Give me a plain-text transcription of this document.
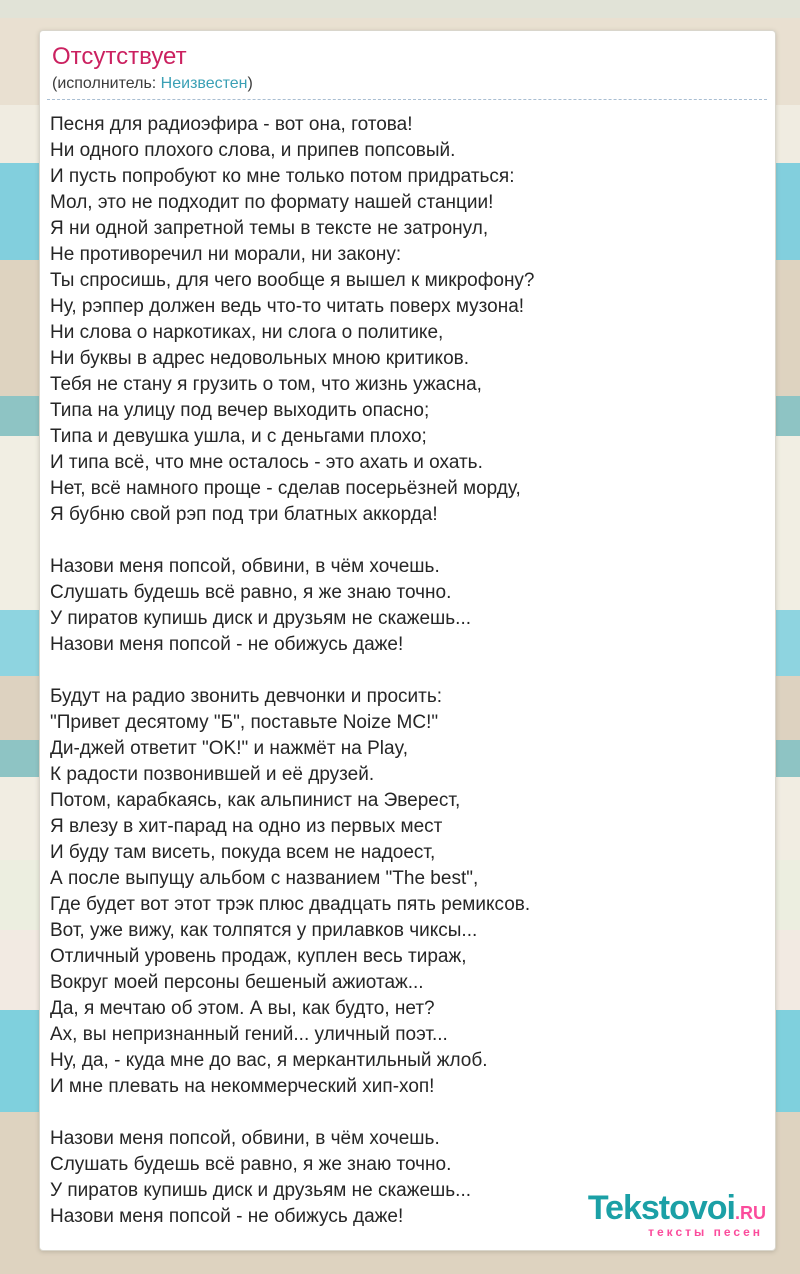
Отсутствует
(исполнитель: Неизвестен)
Песня для радиоэфира - вот она, готова!
Ни одного плохого слова, и припев попсовый.
И пусть попробуют ко мне только потом придраться:
Мол, это не подходит по формату нашей станции!
Я ни одной запретной темы в тексте не затронул,
Не противоречил ни морали, ни закону:
Ты спросишь, для чего вообще я вышел к микрофону?
Ну, рэппер должен ведь что-то читать поверх музона!
Ни слова о наркотиках, ни слога о политике,
Ни буквы в адрес недовольных мною критиков.
Тебя не стану я грузить о том, что жизнь ужасна,
Типа на улицу под вечер выходить опасно;
Типа и девушка ушла, и с деньгами плохо;
И типа всё, что мне осталось - это ахать и охать.
Нет, всё намного проще - сделав посерьёзней морду,
Я бубню свой рэп под три блатных аккорда!

Назови меня попсой, обвини, в чём хочешь.
Слушать будешь всё равно, я же знаю точно.
У пиратов купишь диск и друзьям не скажешь...
Назови меня попсой - не обижусь даже!

Будут на радио звонить девчонки и просить:
"Привет десятому "Б", поставьте Noize MC!"
Ди-джей ответит "OK!" и нажмёт на Play,
К радости позвонившей и её друзей.
Потом, карабкаясь, как альпинист на Эверест,
Я влезу в хит-парад на одно из первых мест
И буду там висеть, покуда всем не надоест,
А после выпущу альбом с названием "The best",
Где будет вот этот трэк плюс двадцать пять ремиксов.
Вот, уже вижу, как толпятся у прилавков чиксы...
Отличный уровень продаж, куплен весь тираж,
Вокруг моей персоны бешеный ажиотаж...
Да, я мечтаю об этом. А вы, как будто, нет?
Ах, вы непризнанный гений... уличный поэт...
Ну, да, - куда мне до вас, я меркантильный жлоб.
И мне плевать на некоммерческий хип-хоп!

Назови меня попсой, обвини, в чём хочешь.
Слушать будешь всё равно, я же знаю точно.
У пиратов купишь диск и друзьям не скажешь...
Назови меня попсой - не обижусь даже!	Tekstovoi.RU
тексты песен
